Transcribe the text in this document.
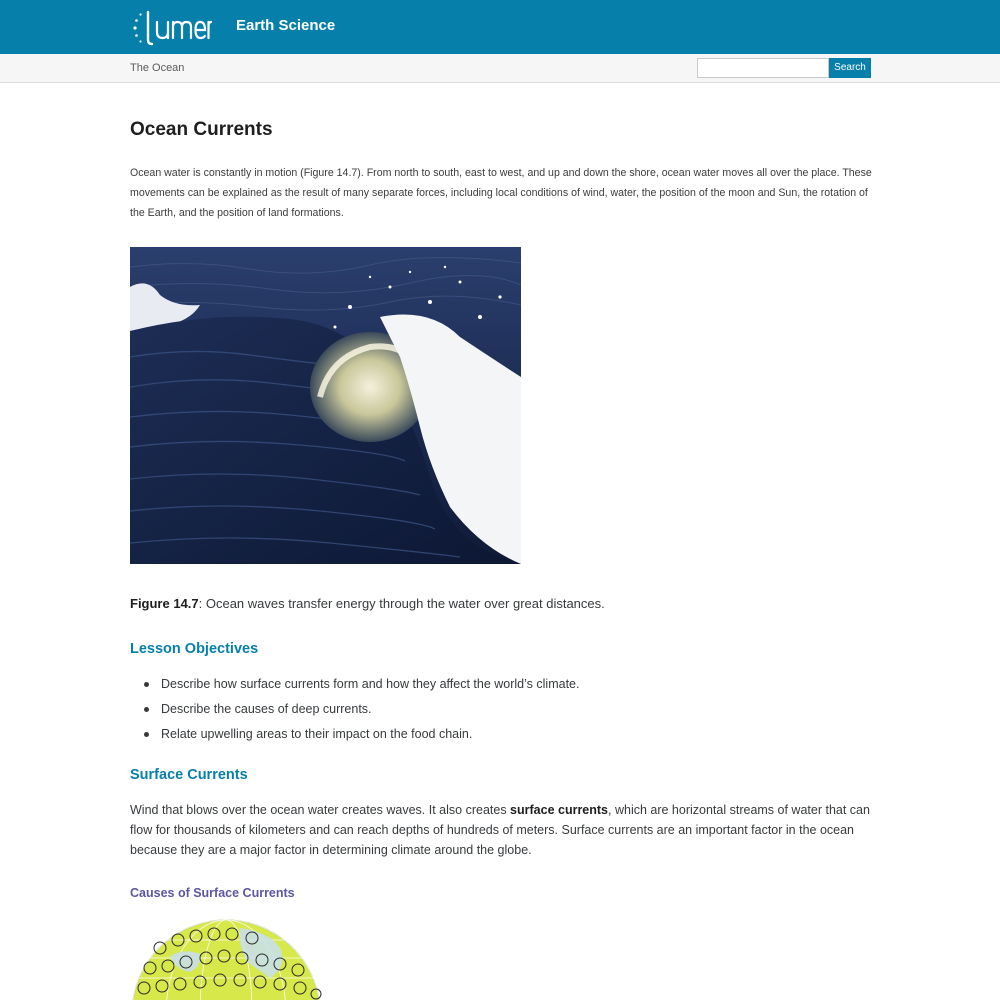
Earth Science
The Ocean	Search
Ocean Currents

Ocean water is constantly in motion (Figure 14.7). From north to south, east to west, and up and down the shore, ocean water moves all over the place. These movements can be explained as the result of many separate forces, including local conditions of wind, water, the position of the moon and Sun, the rotation of the Earth, and the position of land formations.

Figure 14.7: Ocean waves transfer energy through the water over great distances.

Lesson Objectives
Describe how surface currents form and how they affect the world’s climate.
Describe the causes of deep currents.
Relate upwelling areas to their impact on the food chain.
Surface Currents

Wind that blows over the ocean water creates waves. It also creates surface currents, which are horizontal streams of water that can flow for thousands of kilometers and can reach depths of hundreds of meters. Surface currents are an important factor in the ocean because they are a major factor in determining climate around the globe.

Causes of Surface Currents
